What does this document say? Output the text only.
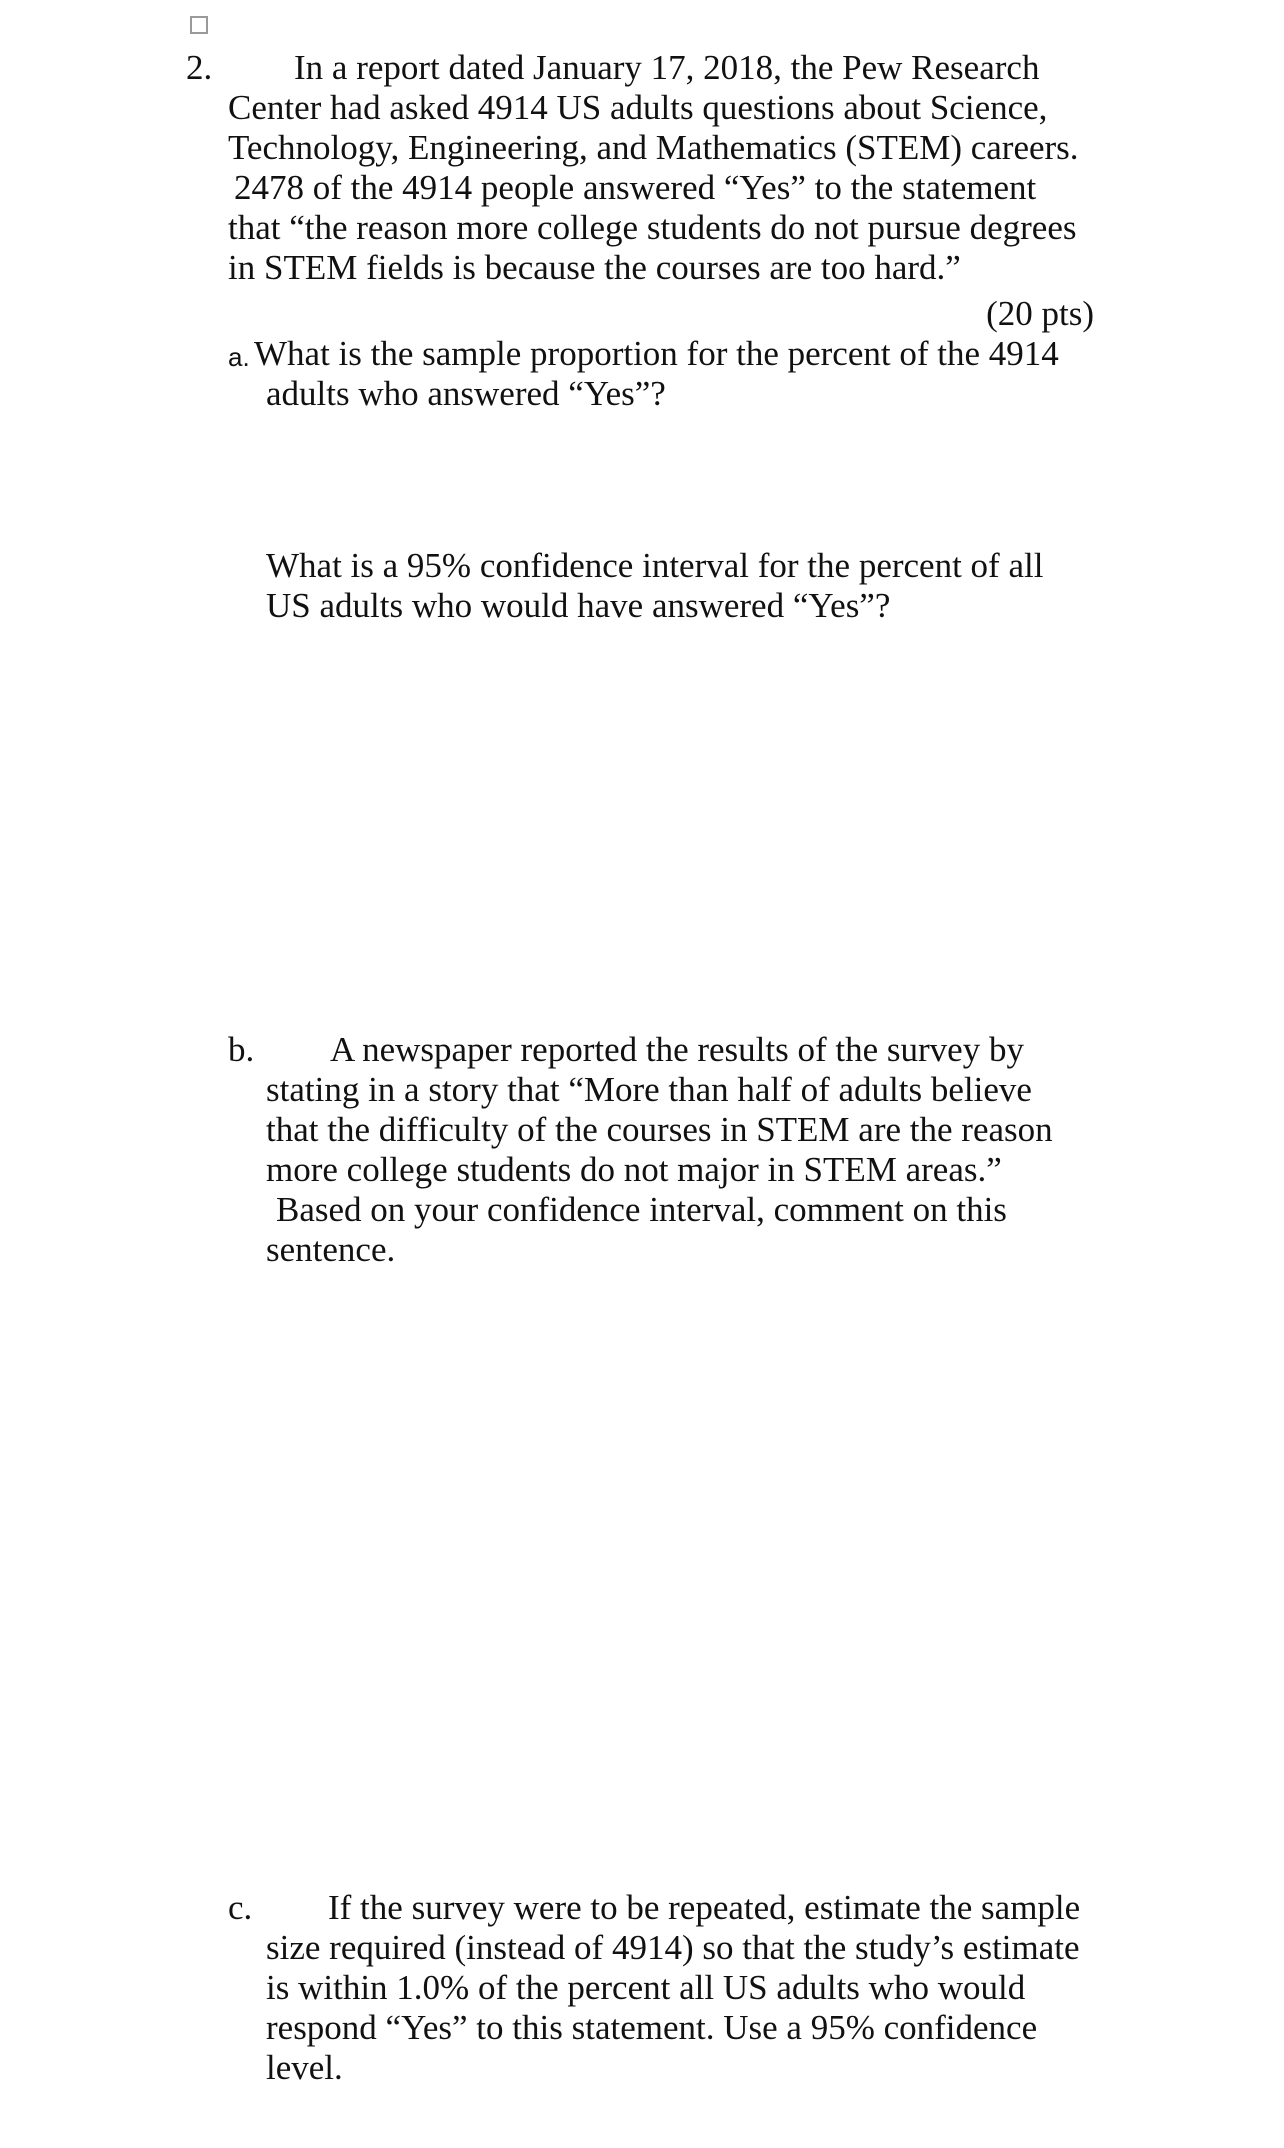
2.	In a report dated January 17, 2018, the Pew Research
Center had asked 4914 US adults questions about Science,
Technology, Engineering, and Mathematics (STEM) careers.
2478 of the 4914 people answered “Yes” to the statement
that “the reason more college students do not pursue degrees
in STEM fields is because the courses are too hard.”
(20 pts)
a. What is the sample proportion for the percent of the 4914
adults who answered “Yes”?
What is a 95% confidence interval for the percent of all
US adults who would have answered “Yes”?
b.	A newspaper reported the results of the survey by
stating in a story that “More than half of adults believe
that the difficulty of the courses in STEM are the reason
more college students do not major in STEM areas.”
Based on your confidence interval, comment on this
sentence.
c.	If the survey were to be repeated, estimate the sample
size required (instead of 4914) so that the study’s estimate
is within 1.0% of the percent all US adults who would
respond “Yes” to this statement. Use a 95% confidence
level.
